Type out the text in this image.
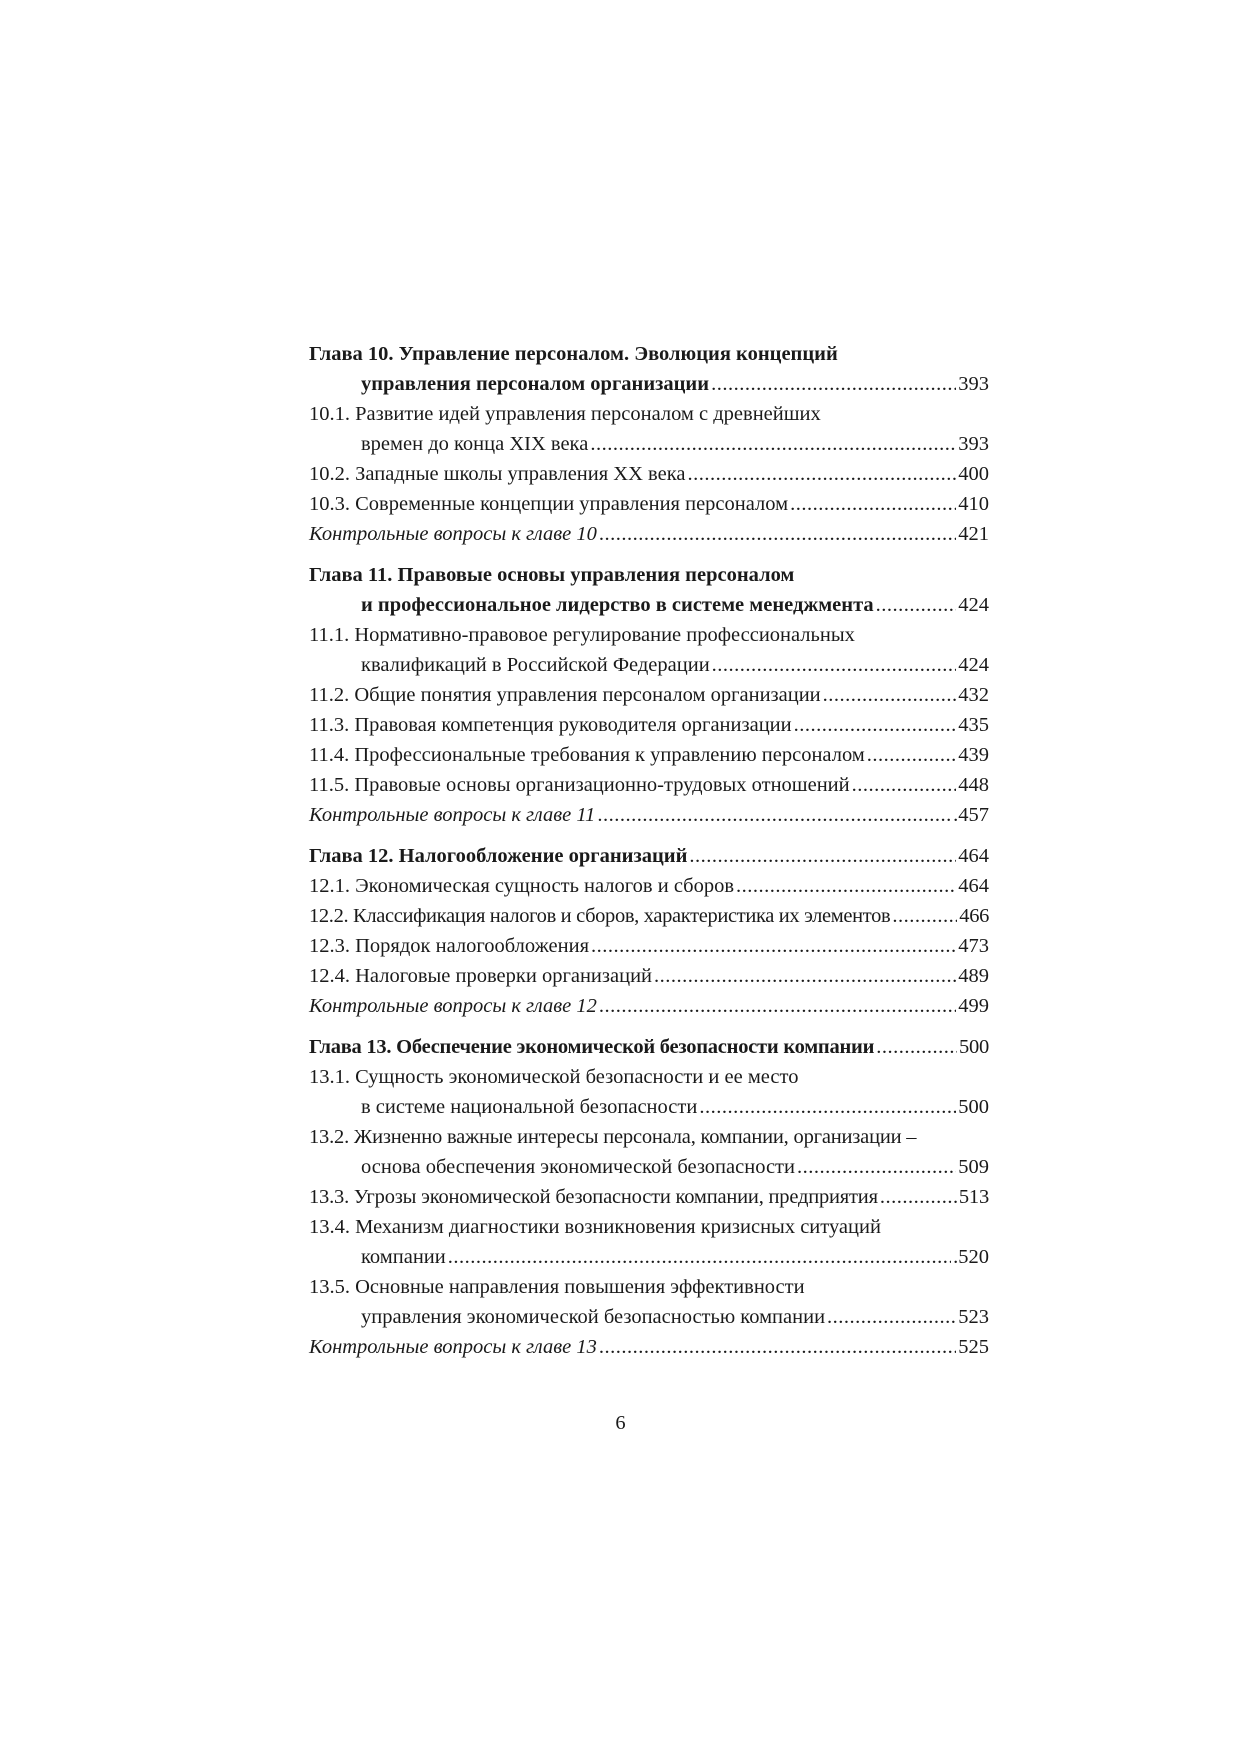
Глава 10. Управление персоналом. Эволюция концепций
управления персоналом организации .....	393
10.1. Развитие идей управления персоналом с древнейших
времен до конца XIX века .....	393
10.2. Западные школы управления XX века .....	400
10.3. Современные концепции управления персоналом .....	410
Контрольные вопросы к главе 10 .....	421
Глава 11. Правовые основы управления персоналом
и профессиональное лидерство в системе менеджмента .....	424
11.1. Нормативно-правовое регулирование профессиональных
квалификаций в Российской Федерации .....	424
11.2. Общие понятия управления персоналом организации .....	432
11.3. Правовая компетенция руководителя организации .....	435
11.4. Профессиональные требования к управлению персоналом .....	439
11.5. Правовые основы организационно-трудовых отношений .....	448
Контрольные вопросы к главе 11 .....	.457
Глава 12. Налогообложение организаций .....	464
12.1. Экономическая сущность налогов и сборов .....	464
12.2. Классификация налогов и сборов, характеристика их элементов .....	466
12.3. Порядок налогообложения .....	473
12.4. Налоговые проверки организаций .....	489
Контрольные вопросы к главе 12 .....	499
Глава 13. Обеспечение экономической безопасности компании .....	500
13.1. Сущность экономической безопасности и ее место
в системе национальной безопасности .....	500
13.2. Жизненно важные интересы персонала, компании, организации –
основа обеспечения экономической безопасности .....	509
13.3. Угрозы экономической безопасности компании, предприятия .....	513
13.4. Механизм диагностики возникновения кризисных ситуаций
компании .....	.520
13.5. Основные направления повышения эффективности
управления экономической безопасностью компании .....	523
Контрольные вопросы к главе 13 .....	525
6
